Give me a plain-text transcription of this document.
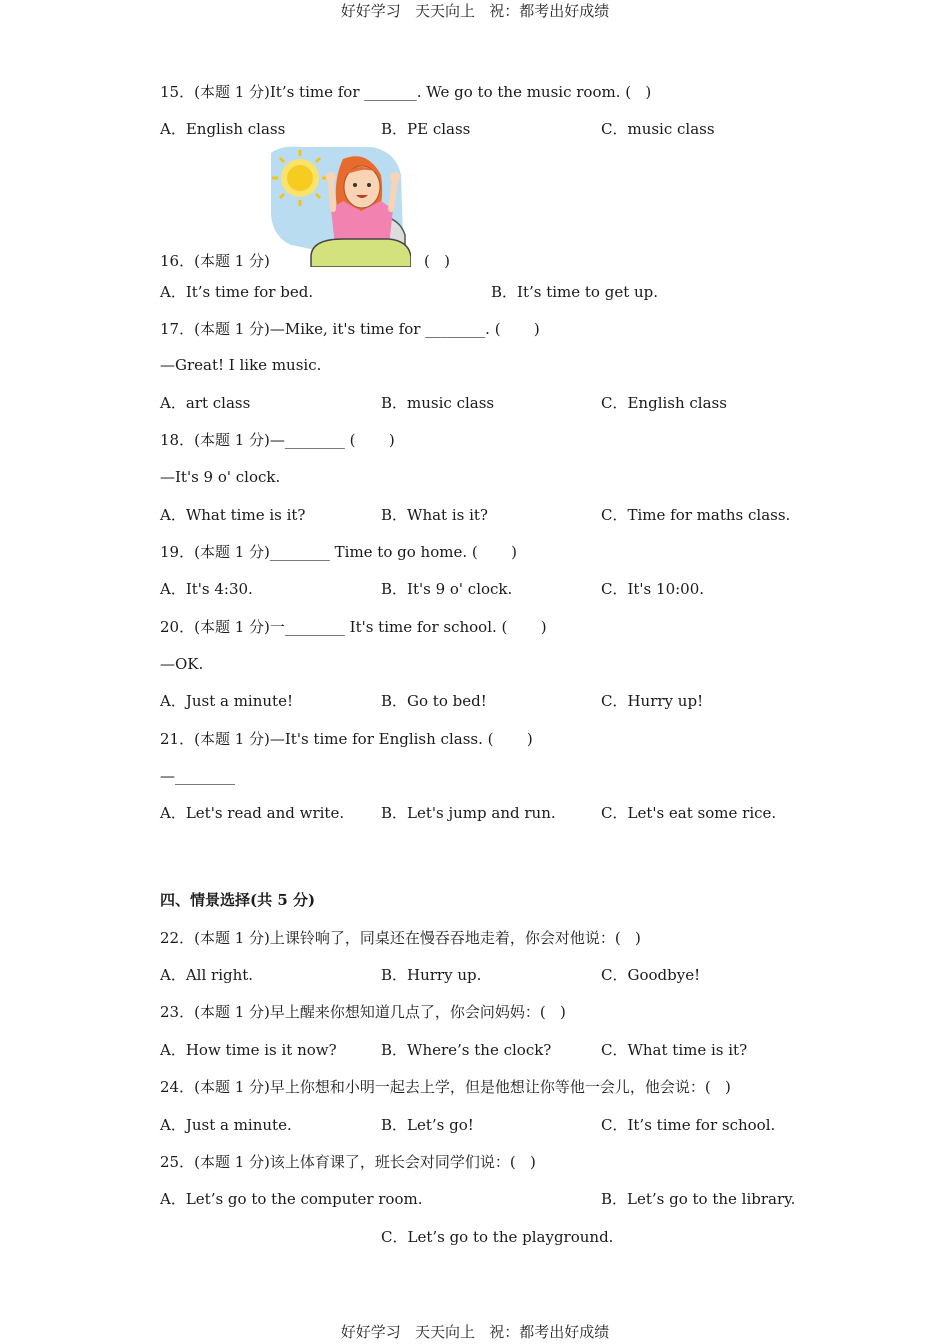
好好学习   天天向上   祝：都考出好成绩
15．(本题 1 分)It’s time for _______. We go to the music room. (   )
A．English class	B．PE class	C．music class
16．(本题 1 分)	(   )
A．It’s time for bed.	B．It’s time to get up.
17．(本题 1 分)—Mike, it's time for ________. (       )
—Great! I like music.
A．art class	B．music class	C．English class
18．(本题 1 分)—________ (       )
—It's 9 o' clock.
A．What time is it?	B．What is it?	C．Time for maths class.
19．(本题 1 分)________ Time to go home. (       )
A．It's 4:30.	B．It's 9 o' clock.	C．It's 10:00.
20．(本题 1 分)一________ It's time for school. (       )
—OK.
A．Just a minute!	B．Go to bed!	C．Hurry up!
21．(本题 1 分)—It's time for English class. (       )
—________
A．Let's read and write. B．Let's jump and run.	C．Let's eat some rice.
四、情景选择(共 5 分)
22．(本题 1 分)上课铃响了，同桌还在慢吞吞地走着，你会对他说：(   )
A．All right.	B．Hurry up.	C．Goodbye!
23．(本题 1 分)早上醒来你想知道几点了，你会问妈妈：(   )
A．How time is it now?	B．Where’s the clock?	C．What time is it?
24．(本题 1 分)早上你想和小明一起去上学，但是他想让你等他一会儿，他会说：(   )
A．Just a minute.	B．Let’s go!	C．It’s time for school.
25．(本题 1 分)该上体育课了，班长会对同学们说：(   )
A．Let’s go to the computer room.	B．Let’s go to the library.
C．Let’s go to the playground.
好好学习   天天向上   祝：都考出好成绩
